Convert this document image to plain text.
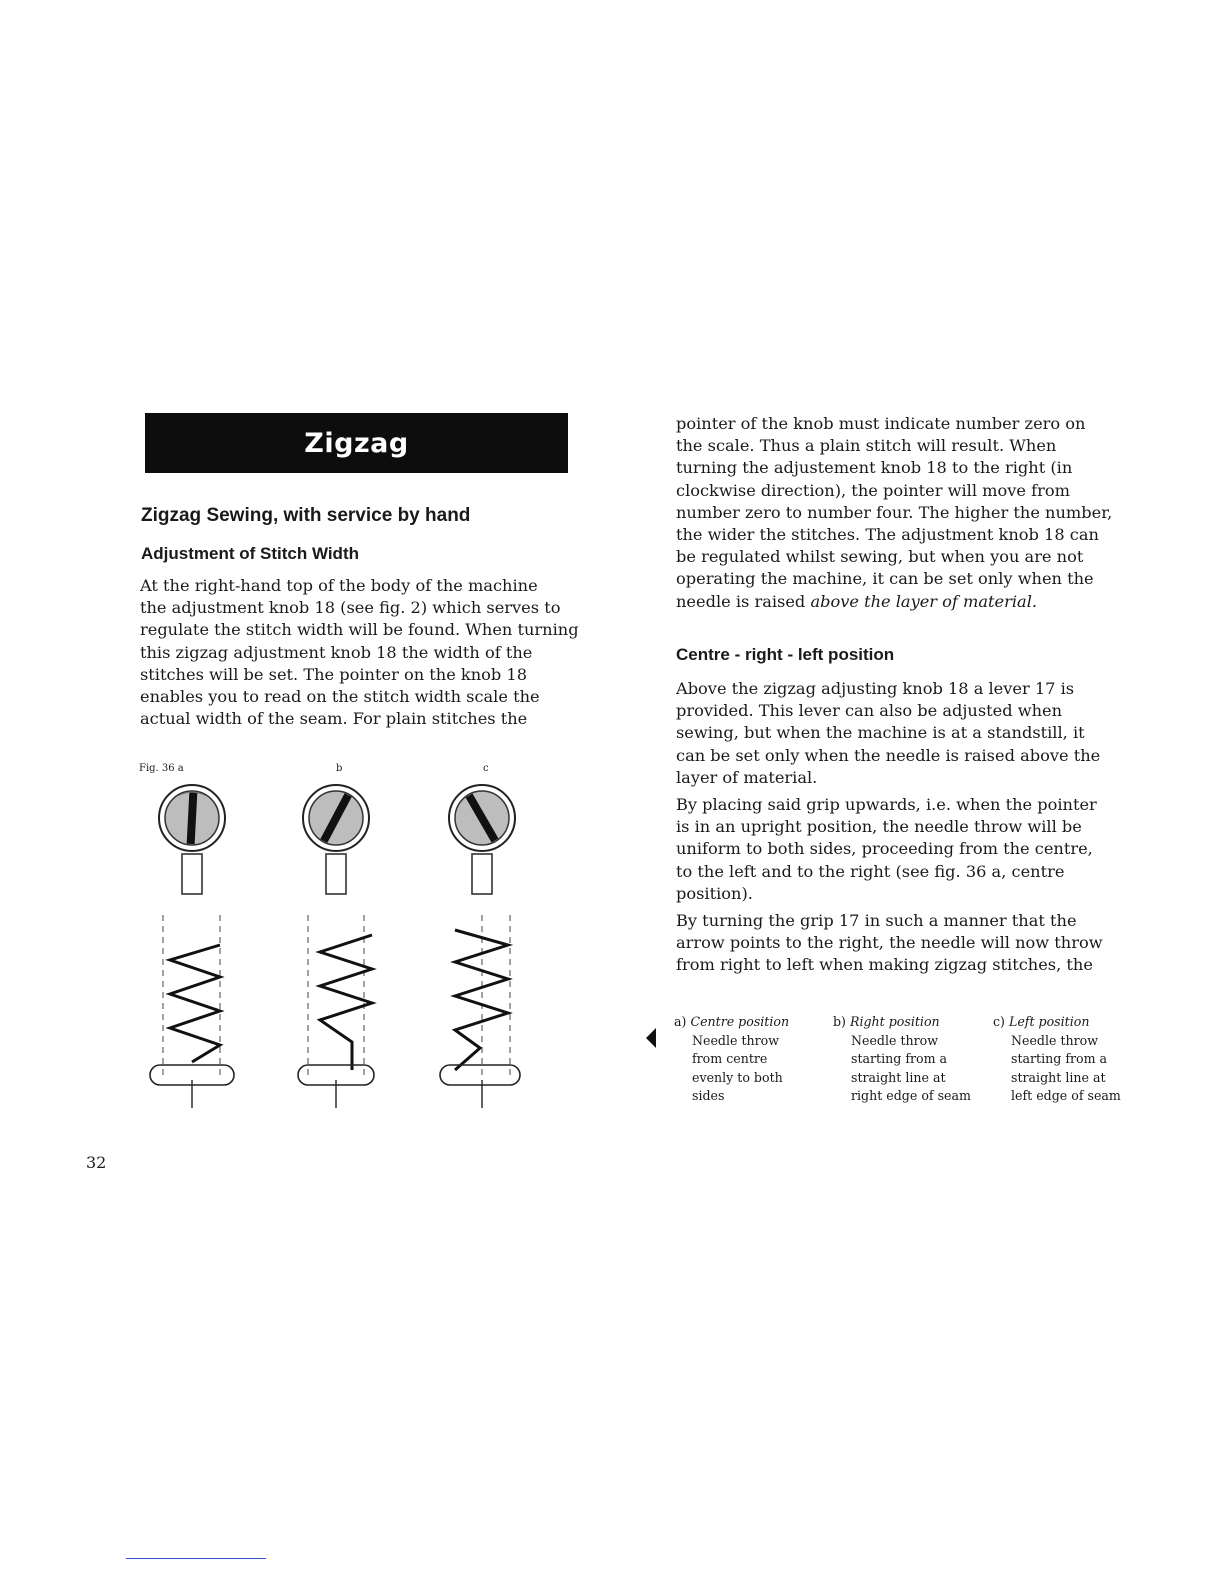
Zigzag
Zigzag Sewing, with service by hand
Adjustment of Stitch Width
At the right-hand top of the body of the machine
the adjustment knob 18 (see fig. 2) which serves to
regulate the stitch width will be found. When turning
this zigzag adjustment knob 18 the width of the
stitches will be set. The pointer on the knob 18
enables you to read on the stitch width scale the
actual width of the seam. For plain stitches the
Fig. 36 a	b	c
pointer of the knob must indicate number zero on
the scale. Thus a plain stitch will result. When
turning the adjustement knob 18 to the right (in
clockwise direction), the pointer will move from
number zero to number four. The higher the number,
the wider the stitches. The adjustment knob 18 can
be regulated whilst sewing, but when you are not
operating the machine, it can be set only when the
needle is raised above the layer of material.
Centre - right - left position
Above the zigzag adjusting knob 18 a lever 17 is
provided. This lever can also be adjusted when
sewing, but when the machine is at a standstill, it
can be set only when the needle is raised above the
layer of material.
By placing said grip upwards, i.e. when the pointer
is in an upright position, the needle throw will be
uniform to both sides, proceeding from the centre,
to the left and to the right (see fig. 36 a, centre
position).
By turning the grip 17 in such a manner that the
arrow points to the right, the needle will now throw
from right to left when making zigzag stitches, the
a) Centre position
Needle throw
from centre
evenly to both
sides
b) Right position
Needle throw
starting from a
straight line at
right edge of seam
c) Left position
Needle throw
starting from a
straight line at
left edge of seam
32
